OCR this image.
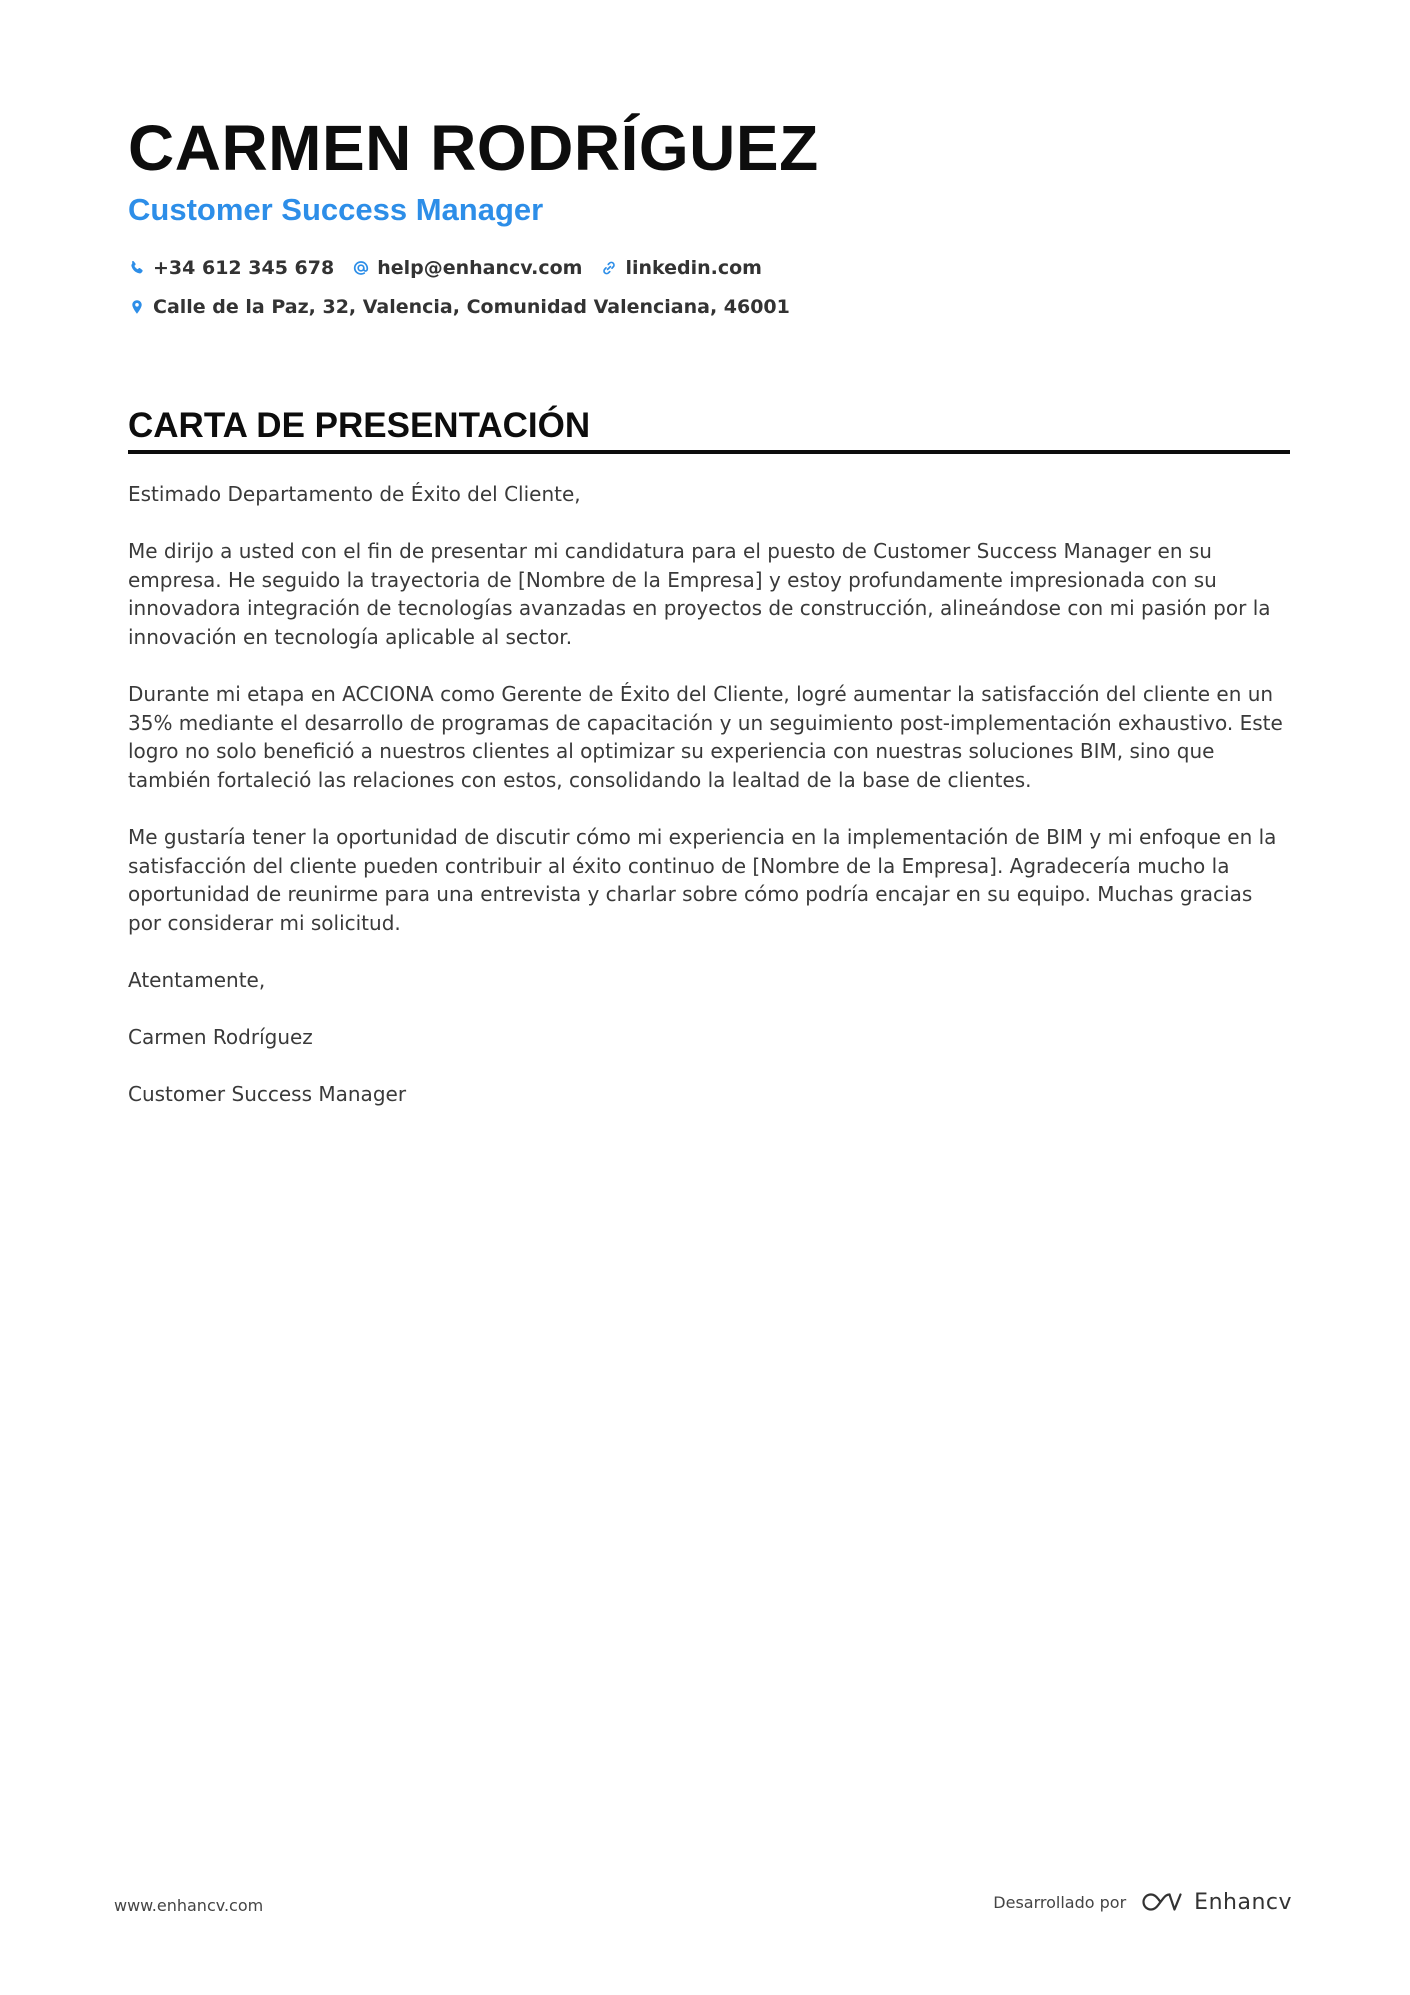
CARMEN RODRÍGUEZ
Customer Success Manager
+34 612 345 678 help@enhancv.com linkedin.com
Calle de la Paz, 32, Valencia, Comunidad Valenciana, 46001
CARTA DE PRESENTACIÓN

Estimado Departamento de Éxito del Cliente,

Me dirijo a usted con el fin de presentar mi candidatura para el puesto de Customer Success Manager en su empresa. He seguido la trayectoria de [Nombre de la Empresa] y estoy profundamente impresionada con su innovadora integración de tecnologías avanzadas en proyectos de construcción, alineándose con mi pasión por la innovación en tecnología aplicable al sector.

Durante mi etapa en ACCIONA como Gerente de Éxito del Cliente, logré aumentar la satisfacción del cliente en un 35% mediante el desarrollo de programas de capacitación y un seguimiento post-implementación exhaustivo. Este logro no solo benefició a nuestros clientes al optimizar su experiencia con nuestras soluciones BIM, sino que también fortaleció las relaciones con estos, consolidando la lealtad de la base de clientes.

Me gustaría tener la oportunidad de discutir cómo mi experiencia en la implementación de BIM y mi enfoque en la satisfacción del cliente pueden contribuir al éxito continuo de [Nombre de la Empresa]. Agradecería mucho la oportunidad de reunirme para una entrevista y charlar sobre cómo podría encajar en su equipo. Muchas gracias por considerar mi solicitud.

Atentamente,

Carmen Rodríguez

Customer Success Manager

www.enhancv.com	Desarrollado por	Enhancv
